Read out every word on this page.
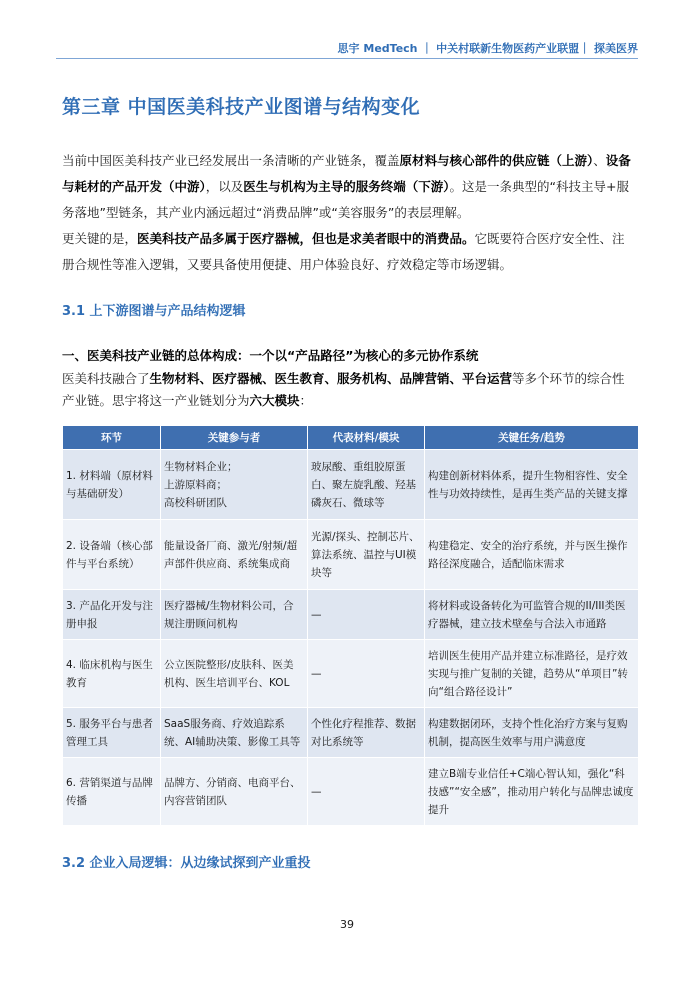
思宇 MedTech ｜ 中关村联新生物医药产业联盟｜ 探美医界
第三章 中国医美科技产业图谱与结构变化

当前中国医美科技产业已经发展出一条清晰的产业链条，覆盖原材料与核心部件的供应链（上游）、设备与耗材的产品开发（中游），以及医生与机构为主导的服务终端（下游）。这是一条典型的“科技主导+服务落地”型链条，其产业内涵远超过“消费品牌”或“美容服务”的表层理解。

更关键的是，医美科技产品多属于医疗器械，但也是求美者眼中的消费品。它既要符合医疗安全性、注册合规性等准入逻辑，又要具备使用便捷、用户体验良好、疗效稳定等市场逻辑。

3.1 上下游图谱与产品结构逻辑
一、医美科技产业链的总体构成：一个以“产品路径”为核心的多元协作系统
医美科技融合了生物材料、医疗器械、医生教育、服务机构、品牌营销、平台运营等多个环节的综合性产业链。思宇将这一产业链划分为六大模块：
环节	关键参与者	代表材料/模块	关键任务/趋势
1. 材料端（原材料与基础研发）	生物材料企业；
上游原料商；
高校科研团队	玻尿酸、重组胶原蛋白、聚左旋乳酸、羟基磷灰石、微球等	构建创新材料体系，提升生物相容性、安全性与功效持续性，是再生类产品的关键支撑
2. 设备端（核心部件与平台系统）	能量设备厂商、激光/射频/超声部件供应商、系统集成商	光源/探头、控制芯片、算法系统、温控与UI模块等	构建稳定、安全的治疗系统，并与医生操作路径深度融合，适配临床需求
3. 产品化开发与注册申报	医疗器械/生物材料公司，合规注册顾问机构	—	将材料或设备转化为可监管合规的II/III类医疗器械，建立技术壁垒与合法入市通路
4. 临床机构与医生教育	公立医院整形/皮肤科、医美机构、医生培训平台、KOL	—	培训医生使用产品并建立标准路径，是疗效实现与推广复制的关键，趋势从“单项目”转向“组合路径设计”
5. 服务平台与患者管理工具	SaaS服务商、疗效追踪系统、AI辅助决策、影像工具等	个性化疗程推荐、数据对比系统等	构建数据闭环，支持个性化治疗方案与复购机制，提高医生效率与用户满意度
6. 营销渠道与品牌传播	品牌方、分销商、电商平台、内容营销团队	—	建立B端专业信任+C端心智认知，强化“科技感”“安全感”，推动用户转化与品牌忠诚度提升
3.2 企业入局逻辑：从边缘试探到产业重投
39
